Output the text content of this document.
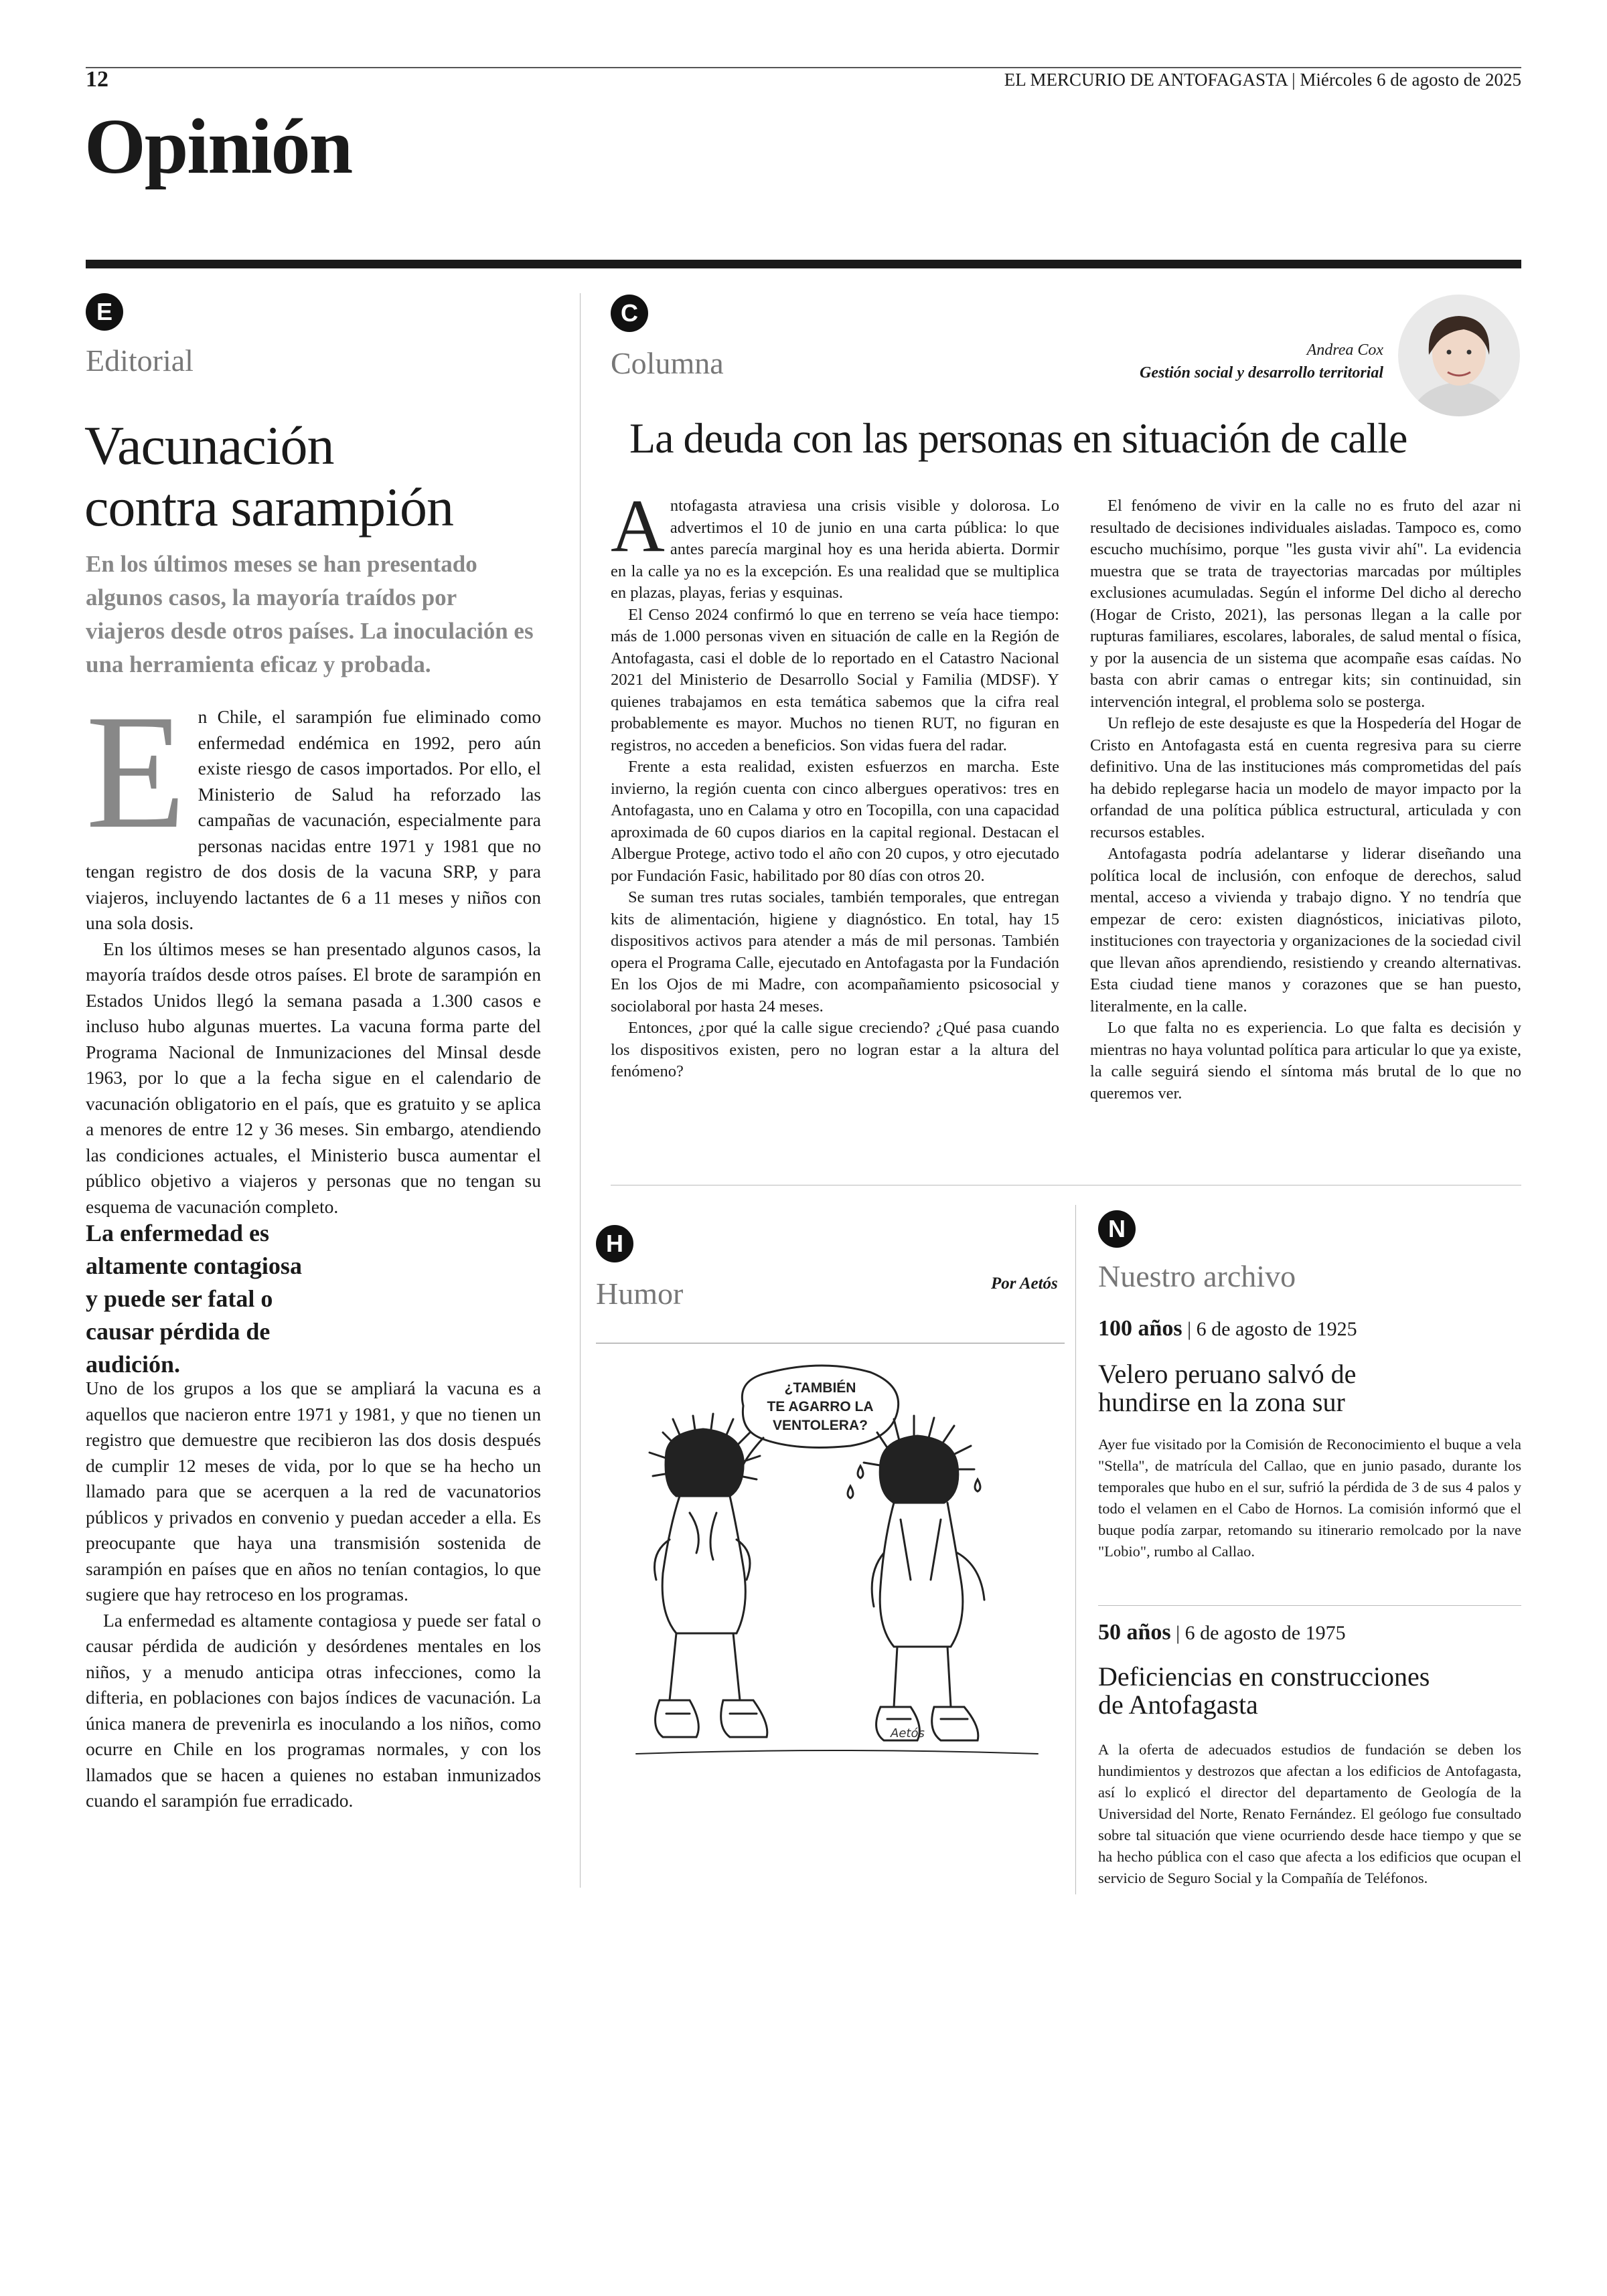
12	EL MERCURIO DE ANTOFAGASTA | Miércoles 6 de agosto de 2025
Opinión
E
Editorial
Vacunación
contra sarampión
En los últimos meses se han presentado algunos casos, la mayoría traídos por viajeros desde otros países. La inoculación es una herramienta eficaz y probada.
E n Chile, el sarampión fue eliminado como enfermedad endémica en 1992, pero aún existe riesgo de casos importados. Por ello, el Ministerio de Salud ha reforzado las campañas de vacunación, especialmente para personas nacidas entre 1971 y 1981 que no tengan registro de dos dosis de la vacuna SRP, y para viajeros, incluyendo lactantes de 6 a 11 meses y niños con una sola dosis.

En los últimos meses se han presentado algunos casos, la mayoría traídos desde otros países. El brote de sarampión en Estados Unidos llegó la semana pasada a 1.300 casos e incluso hubo algunas muertes. La vacuna forma parte del Programa Nacional de Inmunizaciones del Minsal desde 1963, por lo que a la fecha sigue en el calendario de vacunación obligatorio en el país, que es gratuito y se aplica a menores de entre 12 y 36 meses. Sin embargo, atendiendo las condiciones actuales, el Ministerio busca aumentar el público objetivo a viajeros y personas que no tengan su esquema de vacunación completo.

La enfermedad es altamente contagiosa y puede ser fatal o causar pérdida de audición.

Uno de los grupos a los que se ampliará la vacuna es a aquellos que nacieron entre 1971 y 1981, y que no tienen un registro que demuestre que recibieron las dos dosis después de cumplir 12 meses de vida, por lo que se ha hecho un llamado para que se acerquen a la red de vacunatorios públicos y privados en convenio y puedan acceder a ella. Es preocupante que haya una transmisión sostenida de sarampión en países que en años no tenían contagios, lo que sugiere que hay retroceso en los programas.

La enfermedad es altamente contagiosa y puede ser fatal o causar pérdida de audición y desórdenes mentales en los niños, y a menudo anticipa otras infecciones, como la difteria, en poblaciones con bajos índices de vacunación. La única manera de prevenirla es inoculando a los niños, como ocurre en Chile en los programas normales, y con los llamados que se hacen a quienes no estaban inmunizados cuando el sarampión fue erradicado.

C
Columna	Andrea Cox
Gestión social y desarrollo territorial
La deuda con las personas en situación de calle
A ntofagasta atraviesa una crisis visible y dolorosa. Lo advertimos el 10 de junio en una carta pública: lo que antes parecía marginal hoy es una herida abierta. Dormir en la calle ya no es la excepción. Es una realidad que se multiplica en plazas, playas, ferias y esquinas.

El Censo 2024 confirmó lo que en terreno se veía hace tiempo: más de 1.000 personas viven en situación de calle en la Región de Antofagasta, casi el doble de lo reportado en el Catastro Nacional 2021 del Ministerio de Desarrollo Social y Familia (MDSF). Y quienes trabajamos en esta temática sabemos que la cifra real probablemente es mayor. Muchos no tienen RUT, no figuran en registros, no acceden a beneficios. Son vidas fuera del radar.

Frente a esta realidad, existen esfuerzos en marcha. Este invierno, la región cuenta con cinco albergues operativos: tres en Antofagasta, uno en Calama y otro en Tocopilla, con una capacidad aproximada de 60 cupos diarios en la capital regional. Destacan el Albergue Protege, activo todo el año con 20 cupos, y otro ejecutado por Fundación Fasic, habilitado por 80 días con otros 20.

Se suman tres rutas sociales, también temporales, que entregan kits de alimentación, higiene y diagnóstico. En total, hay 15 dispositivos activos para atender a más de mil personas. También opera el Programa Calle, ejecutado en Antofagasta por la Fundación En los Ojos de mi Madre, con acompañamiento psicosocial y sociolaboral por hasta 24 meses.

Entonces, ¿por qué la calle sigue creciendo? ¿Qué pasa cuando los dispositivos existen, pero no logran estar a la altura del fenómeno?

El fenómeno de vivir en la calle no es fruto del azar ni resultado de decisiones individuales aisladas. Tampoco es, como escucho muchísimo, porque "les gusta vivir ahí". La evidencia muestra que se trata de trayectorias marcadas por múltiples exclusiones acumuladas. Según el informe Del dicho al derecho (Hogar de Cristo, 2021), las personas llegan a la calle por rupturas familiares, escolares, laborales, de salud mental o física, y por la ausencia de un sistema que acompañe esas caídas. No basta con abrir camas o entregar kits; sin continuidad, sin intervención integral, el problema solo se posterga.

Un reflejo de este desajuste es que la Hospedería del Hogar de Cristo en Antofagasta está en cuenta regresiva para su cierre definitivo. Una de las instituciones más comprometidas del país ha debido replegarse hacia un modelo de mayor impacto por la orfandad de una política pública estructural, articulada y con recursos estables.

Antofagasta podría adelantarse y liderar diseñando una política local de inclusión, con enfoque de derechos, salud mental, acceso a vivienda y trabajo digno. Y no tendría que empezar de cero: existen diagnósticos, iniciativas piloto, instituciones con trayectoria y organizaciones de la sociedad civil que llevan años aprendiendo, resistiendo y creando alternativas. Esta ciudad tiene manos y corazones que se han puesto, literalmente, en la calle.

Lo que falta no es experiencia. Lo que falta es decisión y mientras no haya voluntad política para articular lo que ya existe, la calle seguirá siendo el síntoma más brutal de lo que no queremos ver.

H
Humor	Por Aetós
¿TAMBIÉN
TE AGARRO LA
VENTOLERA?
Aetós
N
Nuestro archivo
100 años | 6 de agosto de 1925
Velero peruano salvó de
hundirse en la zona sur
Ayer fue visitado por la Comisión de Reconocimiento el buque a vela "Stella", de matrícula del Callao, que en junio pasado, durante los temporales que hubo en el sur, sufrió la pérdida de 3 de sus 4 palos y todo el velamen en el Cabo de Hornos. La comisión informó que el buque podía zarpar, retomando su itinerario remolcado por la nave "Lobio", rumbo al Callao.
50 años | 6 de agosto de 1975
Deficiencias en construcciones
de Antofagasta
A la oferta de adecuados estudios de fundación se deben los hundimientos y destrozos que afectan a los edificios de Antofagasta, así lo explicó el director del departamento de Geología de la Universidad del Norte, Renato Fernández. El geólogo fue consultado sobre tal situación que viene ocurriendo desde hace tiempo y que se ha hecho pública con el caso que afecta a los edificios que ocupan el servicio de Seguro Social y la Compañía de Teléfonos.
